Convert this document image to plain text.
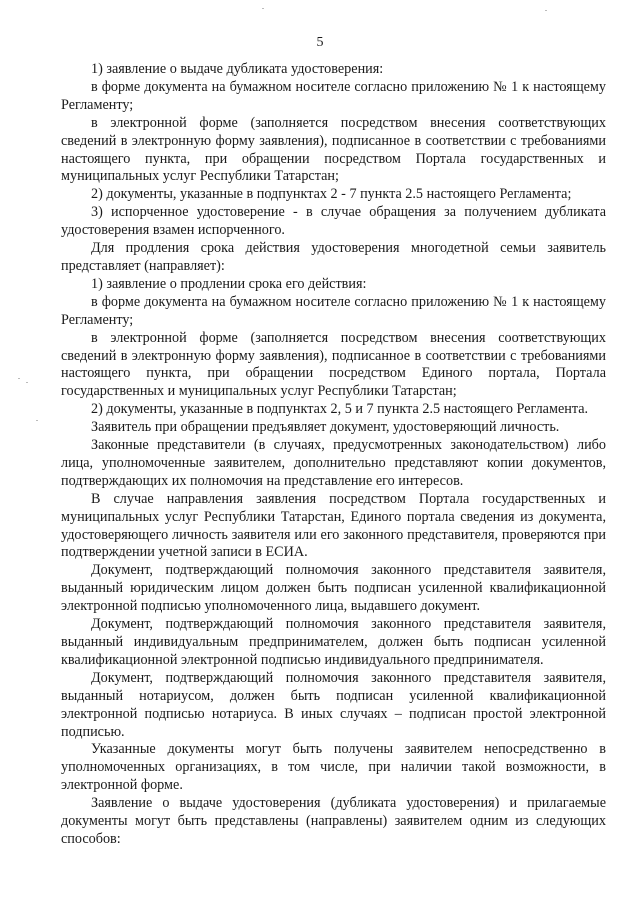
5

1) заявление о выдаче дубликата удостоверения:

в форме документа на бумажном носителе согласно приложению № 1 к настоящему Регламенту;

в электронной форме (заполняется посредством внесения соответствующих сведений в электронную форму заявления), подписанное в соответствии с требованиями настоящего пункта, при обращении посредством Портала государственных и муниципальных услуг Республики Татарстан;

2) документы, указанные в подпунктах 2 - 7 пункта 2.5 настоящего Регламента;

3) испорченное удостоверение - в случае обращения за получением дубликата удостоверения взамен испорченного.

Для продления срока действия удостоверения многодетной семьи заявитель представляет (направляет):

1) заявление о продлении срока его действия:

в форме документа на бумажном носителе согласно приложению № 1 к настоящему Регламенту;

в электронной форме (заполняется посредством внесения соответствующих сведений в электронную форму заявления), подписанное в соответствии с требованиями настоящего пункта, при обращении посредством Единого портала, Портала государственных и муниципальных услуг Республики Татарстан;

2) документы, указанные в подпунктах 2, 5 и 7 пункта 2.5 настоящего Регламента.

Заявитель при обращении предъявляет документ, удостоверяющий личность.

Законные представители (в случаях, предусмотренных законодательством) либо лица, уполномоченные заявителем, дополнительно представляют копии документов, подтверждающих их полномочия на представление его интересов.

В случае направления заявления посредством Портала государственных и муниципальных услуг Республики Татарстан, Единого портала сведения из документа, удостоверяющего личность заявителя или его законного представителя, проверяются при подтверждении учетной записи в ЕСИА.

Документ, подтверждающий полномочия законного представителя заявителя, выданный юридическим лицом должен быть подписан усиленной квалификационной электронной подписью уполномоченного лица, выдавшего документ.

Документ, подтверждающий полномочия законного представителя заявителя, выданный индивидуальным предпринимателем, должен быть подписан усиленной квалификационной электронной подписью индивидуального предпринимателя.

Документ, подтверждающий полномочия законного представителя заявителя, выданный нотариусом, должен быть подписан усиленной квалификационной электронной подписью нотариуса. В иных случаях – подписан простой электронной подписью.

Указанные документы могут быть получены заявителем непосредственно в уполномоченных организациях, в том числе, при наличии такой возможности, в электронной форме.

Заявление о выдаче удостоверения (дубликата удостоверения) и прилагаемые документы могут быть представлены (направлены) заявителем одним из следующих способов:
